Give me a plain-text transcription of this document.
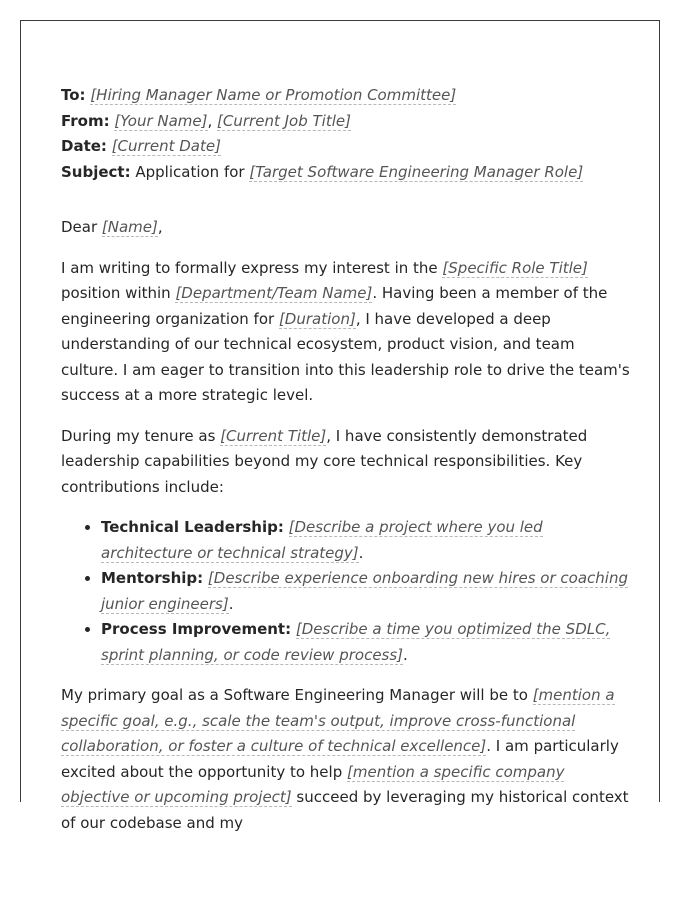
To: [Hiring Manager Name or Promotion Committee]
From: [Your Name], [Current Job Title]
Date: [Current Date]
Subject: Application for [Target Software Engineering Manager Role]

Dear [Name],

I am writing to formally express my interest in the [Specific Role Title] position within [Department/Team Name]. Having been a member of the engineering organization for [Duration], I have developed a deep understanding of our technical ecosystem, product vision, and team culture. I am eager to transition into this leadership role to drive the team's success at a more strategic level.

During my tenure as [Current Title], I have consistently demonstrated leadership capabilities beyond my core technical responsibilities. Key contributions include:

• Technical Leadership: [Describe a project where you led architecture or technical strategy].
• Mentorship: [Describe experience onboarding new hires or coaching junior engineers].
• Process Improvement: [Describe a time you optimized the SDLC, sprint planning, or code review process].

My primary goal as a Software Engineering Manager will be to [mention a specific goal, e.g., scale the team's output, improve cross-functional collaboration, or foster a culture of technical excellence]. I am particularly excited about the opportunity to help [mention a specific company objective or upcoming project] succeed by leveraging my historical context of our codebase and my
